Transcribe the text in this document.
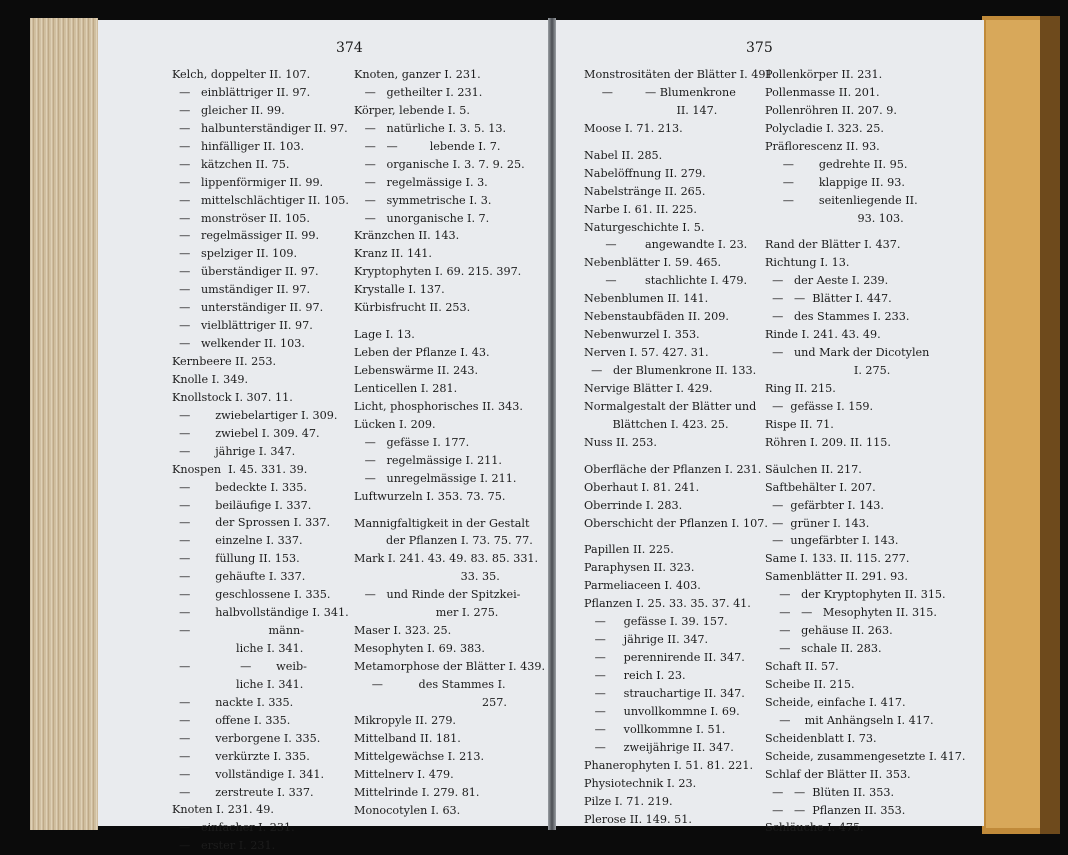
374	375
Kelch, doppelter II. 107.
—   einblättriger II. 97.
—   gleicher II. 99.
—   halbunterständiger II. 97.
—   hinfälliger II. 103.
—   kätzchen II. 75.
—   lippenförmiger II. 99.
—   mittelschlächtiger II. 105.
—   monströser II. 105.
—   regelmässiger II. 99.
—   spelziger II. 109.
—   überständiger II. 97.
—   umständiger II. 97.
—   unterständiger II. 97.
—   vielblättriger II. 97.
—   welkender II. 103.
Kernbeere II. 253.
Knolle I. 349.
Knollstock I. 307. 11.
—       zwiebelartiger I. 309.
—       zwiebel I. 309. 47.
—       jährige I. 347.
Knospen  I. 45. 331. 39.
—       bedeckte I. 335.
—       beiläufige I. 337.
—       der Sprossen I. 337.
—       einzelne I. 337.
—       füllung II. 153.
—       gehäufte I. 337.
—       geschlossene I. 335.
—       halbvollständige I. 341.
—                      männ-
liche I. 341.
—              —       weib-
liche I. 341.
—       nackte I. 335.
—       offene I. 335.
—       verborgene I. 335.
—       verkürzte I. 335.
—       vollständige I. 341.
—       zerstreute I. 337.
Knoten I. 231. 49.
—   einfacher I. 231.
—   erster I. 231.
Knoten, ganzer I. 231.
—   getheilter I. 231.
Körper, lebende I. 5.
—   natürliche I. 3. 5. 13.
—   —         lebende I. 7.
—   organische I. 3. 7. 9. 25.
—   regelmässige I. 3.
—   symmetrische I. 3.
—   unorganische I. 7.
Kränzchen II. 143.
Kranz II. 141.
Kryptophyten I. 69. 215. 397.
Krystalle I. 137.
Kürbisfrucht II. 253.
Lage I. 13.
Leben der Pflanze I. 43.
Lebenswärme II. 243.
Lenticellen I. 281.
Licht, phosphorisches II. 343.
Lücken I. 209.
—   gefässe I. 177.
—   regelmässige I. 211.
—   unregelmässige I. 211.
Luftwurzeln I. 353. 73. 75.
Mannigfaltigkeit in der Gestalt
der Pflanzen I. 73. 75. 77.
Mark I. 241. 43. 49. 83. 85. 331.
33. 35.
—   und Rinde der Spitzkei-
mer I. 275.
Maser I. 323. 25.
Mesophyten I. 69. 383.
Metamorphose der Blätter I. 439.
—          des Stammes I.
257.
Mikropyle II. 279.
Mittelband II. 181.
Mittelgewächse I. 213.
Mittelnerv I. 479.
Mittelrinde I. 279. 81.
Monocotylen I. 63.
Monstrositäten der Blätter I. 491.
—         — Blumenkrone
II. 147.
Moose I. 71. 213.
Nabel II. 285.
Nabelöffnung II. 279.
Nabelstränge II. 265.
Narbe I. 61. II. 225.
Naturgeschichte I. 5.
—        angewandte I. 23.
Nebenblätter I. 59. 465.
—        stachlichte I. 479.
Nebenblumen II. 141.
Nebenstaubfäden II. 209.
Nebenwurzel I. 353.
Nerven I. 57. 427. 31.
—   der Blumenkrone II. 133.
Nervige Blätter I. 429.
Normalgestalt der Blätter und
Blättchen I. 423. 25.
Nuss II. 253.
Oberfläche der Pflanzen I. 231.
Oberhaut I. 81. 241.
Oberrinde I. 283.
Oberschicht der Pflanzen I. 107.
Papillen II. 225.
Paraphysen II. 323.
Parmeliaceen I. 403.
Pflanzen I. 25. 33. 35. 37. 41.
—     gefässe I. 39. 157.
—     jährige II. 347.
—     perennirende II. 347.
—     reich I. 23.
—     strauchartige II. 347.
—     unvollkommne I. 69.
—     vollkommne I. 51.
—     zweijährige II. 347.
Phanerophyten I. 51. 81. 221.
Physiotechnik I. 23.
Pilze I. 71. 219.
Plerose II. 149. 51.
Pollenkörper II. 231.
Pollenmasse II. 201.
Pollenröhren II. 207. 9.
Polycladie I. 323. 25.
Präflorescenz II. 93.
—       gedrehte II. 95.
—       klappige II. 93.
—       seitenliegende II.
93. 103.
Rand der Blätter I. 437.
Richtung I. 13.
—   der Aeste I. 239.
—   —  Blätter I. 447.
—   des Stammes I. 233.
Rinde I. 241. 43. 49.
—   und Mark der Dicotylen
I. 275.
Ring II. 215.
—  gefässe I. 159.
Rispe II. 71.
Röhren I. 209. II. 115.
Säulchen II. 217.
Saftbehälter I. 207.
—  gefärbter I. 143.
—  grüner I. 143.
—  ungefärbter I. 143.
Same I. 133. II. 115. 277.
Samenblätter II. 291. 93.
—   der Kryptophyten II. 315.
—   —   Mesophyten II. 315.
—   gehäuse II. 263.
—   schale II. 283.
Schaft II. 57.
Scheibe II. 215.
Scheide, einfache I. 417.
—    mit Anhängseln I. 417.
Scheidenblatt I. 73.
Scheide, zusammengesetzte I. 417.
Schlaf der Blätter II. 353.
—   —  Blüten II. 353.
—   —  Pflanzen II. 353.
Schläuche I. 475.
